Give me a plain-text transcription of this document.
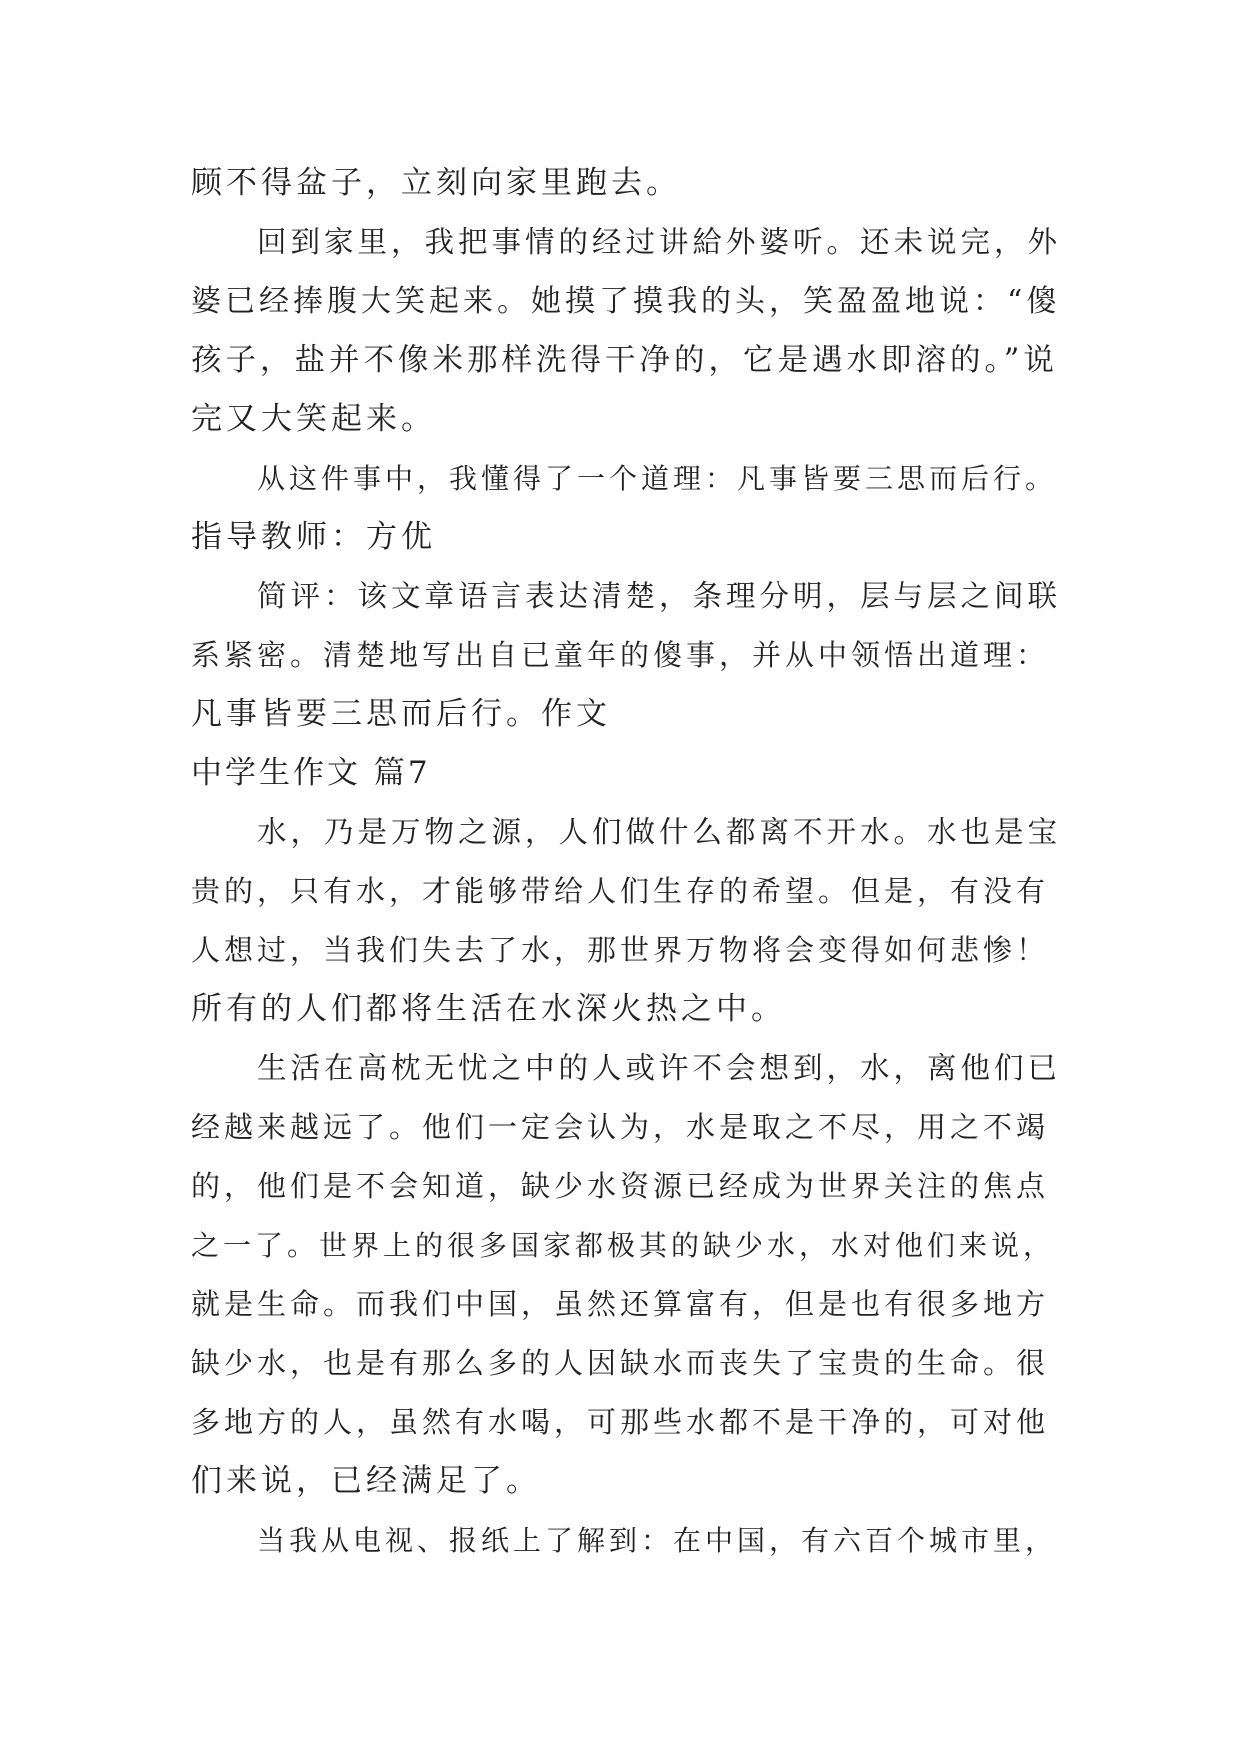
顾不得盆子，立刻向家里跑去。
回到家里，我把事情的经过讲給外婆听。还未说完，外
婆已经捧腹大笑起来。她摸了摸我的头，笑盈盈地说：“傻
孩子，盐并不像米那样洗得干净的，它是遇水即溶的。”说
完又大笑起来。
从这件事中，我懂得了一个道理：凡事皆要三思而后行。
指导教师：方优
简评：该文章语言表达清楚，条理分明，层与层之间联
系紧密。清楚地写出自已童年的傻事，并从中领悟出道理：
凡事皆要三思而后行。作文
中学生作文 篇7
水，乃是万物之源，人们做什么都离不开水。水也是宝
贵的，只有水，才能够带给人们生存的希望。但是，有没有
人想过，当我们失去了水，那世界万物将会变得如何悲惨！
所有的人们都将生活在水深火热之中。
生活在高枕无忧之中的人或许不会想到，水，离他们已
经越来越远了。他们一定会认为，水是取之不尽，用之不竭
的，他们是不会知道，缺少水资源已经成为世界关注的焦点
之一了。世界上的很多国家都极其的缺少水，水对他们来说，
就是生命。而我们中国，虽然还算富有，但是也有很多地方
缺少水，也是有那么多的人因缺水而丧失了宝贵的生命。很
多地方的人，虽然有水喝，可那些水都不是干净的，可对他
们来说，已经满足了。
当我从电视、报纸上了解到：在中国，有六百个城市里，
